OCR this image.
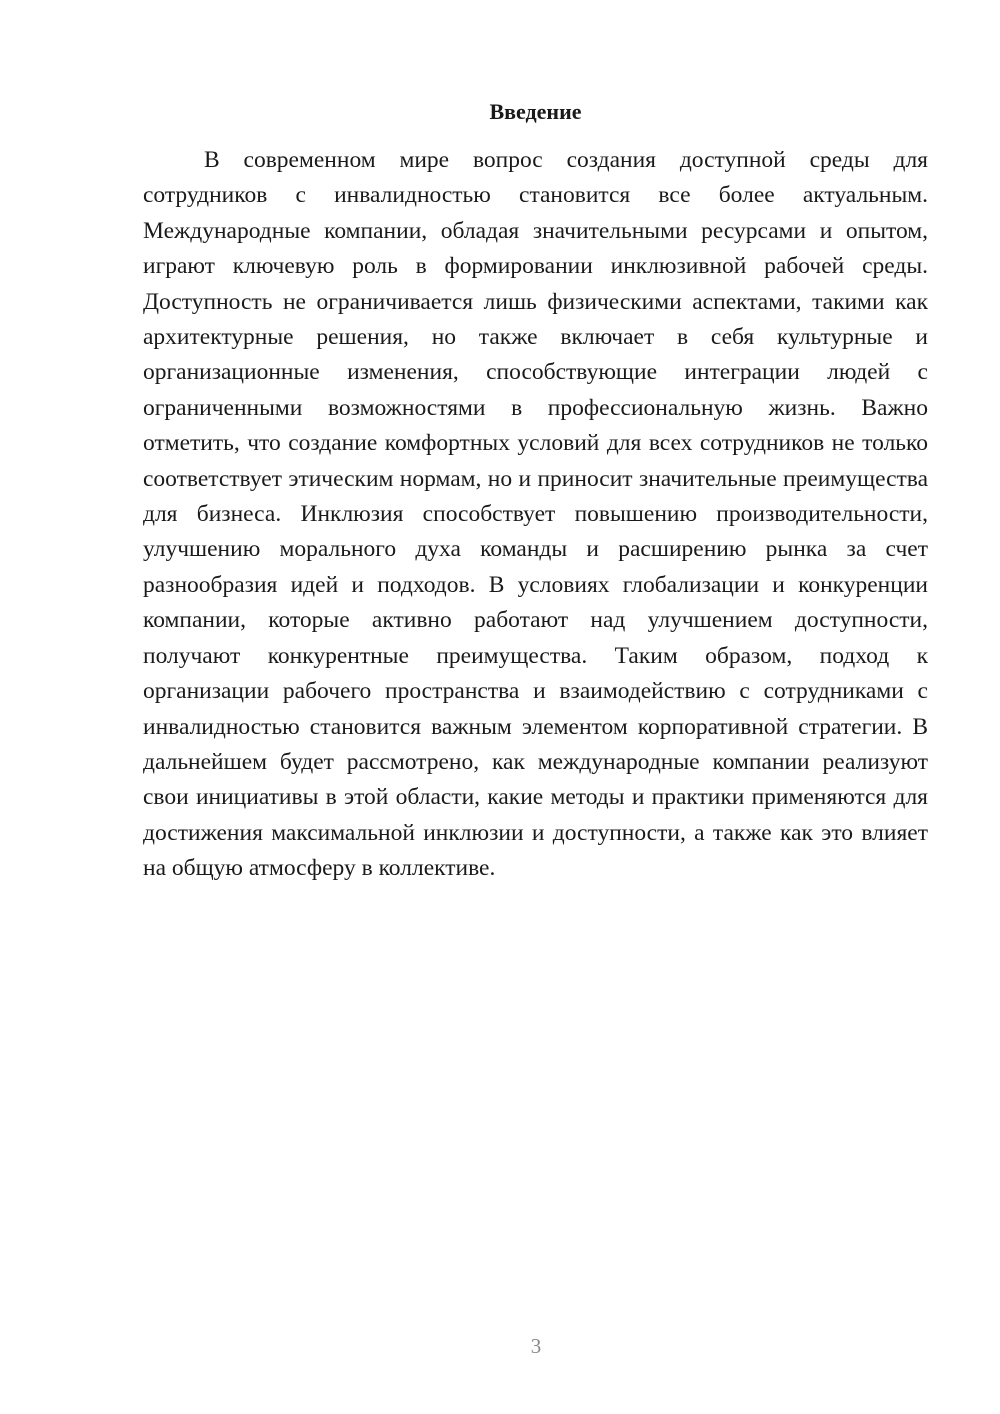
Введение

В современном мире вопрос создания доступной среды для сотрудников с инвалидностью становится все более актуальным. Международные компании, обладая значительными ресурсами и опытом, играют ключевую роль в формировании инклюзивной рабочей среды. Доступность не ограничивается лишь физическими аспектами, такими как архитектурные решения, но также включает в себя культурные и организационные изменения, способствующие интеграции людей с ограниченными возможностями в профессиональную жизнь. Важно отметить, что создание комфортных условий для всех сотрудников не только соответствует этическим нормам, но и приносит значительные преимущества для бизнеса. Инклюзия способствует повышению производительности, улучшению морального духа команды и расширению рынка за счет разнообразия идей и подходов. В условиях глобализации и конкуренции компании, которые активно работают над улучшением доступности, получают конкурентные преимущества. Таким образом, подход к организации рабочего пространства и взаимодействию с сотрудниками с инвалидностью становится важным элементом корпоративной стратегии. В дальнейшем будет рассмотрено, как международные компании реализуют свои инициативы в этой области, какие методы и практики применяются для достижения максимальной инклюзии и доступности, а также как это влияет на общую атмосферу в коллективе.

3
